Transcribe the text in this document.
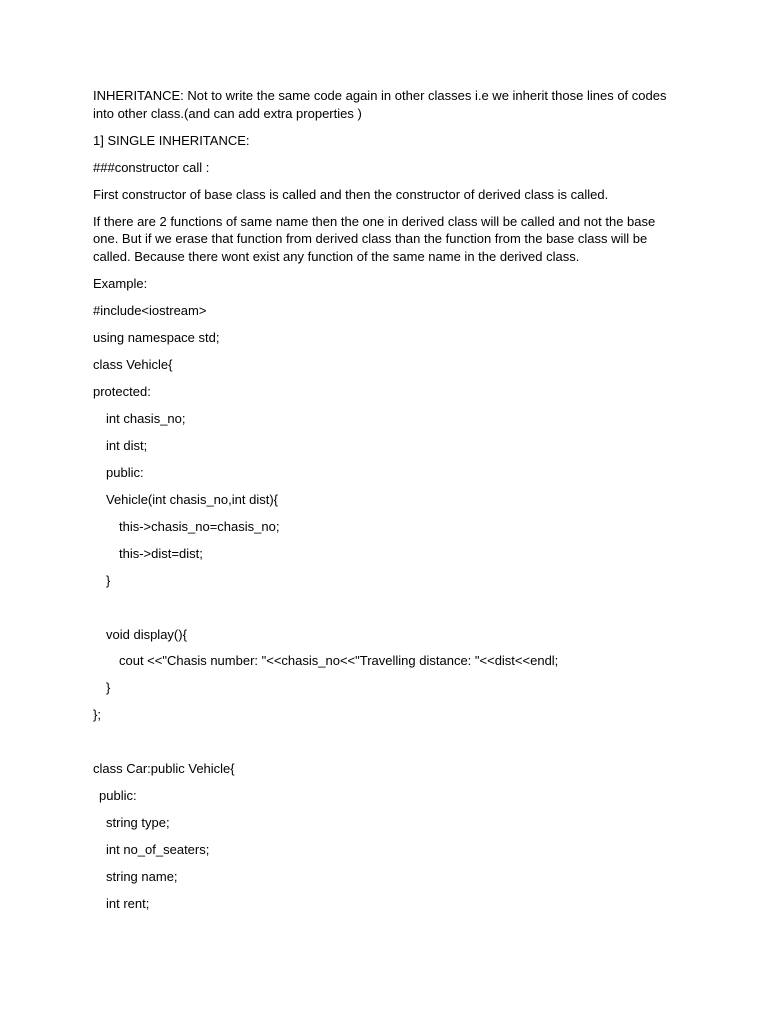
INHERITANCE: Not to write the same code again in other classes i.e we inherit those lines of codes into other class.(and can add extra properties )

1] SINGLE INHERITANCE:

###constructor call :

First constructor of base class is called and then the constructor of derived class is called.

If there are 2 functions of same name then the one in derived class will be called and not the base one. But if we erase that function from derived class than the function from the base class will be called. Because there wont exist any function of the same name in the derived class.

Example:

#include<iostream>

using namespace std;

class Vehicle{

protected:

int chasis_no;

int dist;

public:

Vehicle(int chasis_no,int dist){

this->chasis_no=chasis_no;

this->dist=dist;

}

void display(){

cout <<"Chasis number: "<<chasis_no<<"Travelling distance: "<<dist<<endl;

}

};

class Car:public Vehicle{

public:

string type;

int no_of_seaters;

string name;

int rent;
